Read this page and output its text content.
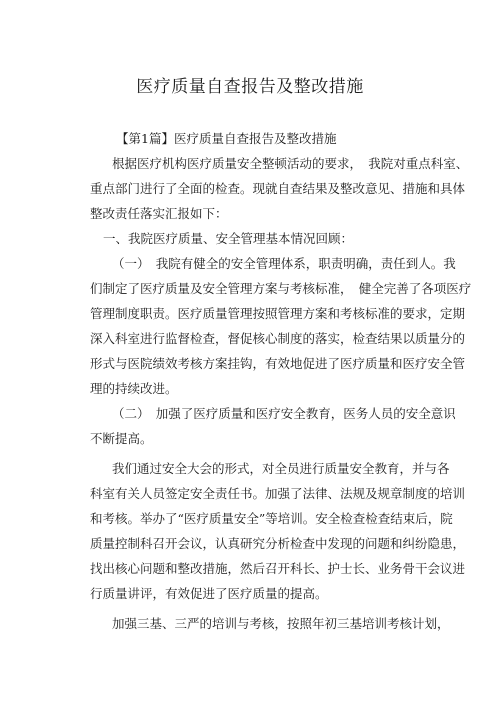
医疗质量自查报告及整改措施
【第1篇】医疗质量自查报告及整改措施
根据医疗机构医疗质量安全整顿活动的要求，　我院对重点科室、
重点部门进行了全面的检查。现就自查结果及整改意见、措施和具体
整改责任落实汇报如下：
一、我院医疗质量、安全管理基本情况回顾：
（一）　我院有健全的安全管理体系，职责明确，责任到人。我
们制定了医疗质量及安全管理方案与考核标准，　健全完善了各项医疗
管理制度职责。医疗质量管理按照管理方案和考核标准的要求，定期
深入科室进行监督检查，督促核心制度的落实，检查结果以质量分的
形式与医院绩效考核方案挂钩，有效地促进了医疗质量和医疗安全管
理的持续改进。
（二）　加强了医疗质量和医疗安全教育，医务人员的安全意识
不断提高。
我们通过安全大会的形式，对全员进行质量安全教育，并与各
科室有关人员签定安全责任书。加强了法律、法规及规章制度的培训
和考核。举办了“医疗质量安全”等培训。安全检查检查结束后，院
质量控制科召开会议，认真研究分析检查中发现的问题和纠纷隐患，
找出核心问题和整改措施，然后召开科长、护士长、业务骨干会议进
行质量讲评，有效促进了医疗质量的提高。
加强三基、三严的培训与考核，按照年初三基培训考核计划，
